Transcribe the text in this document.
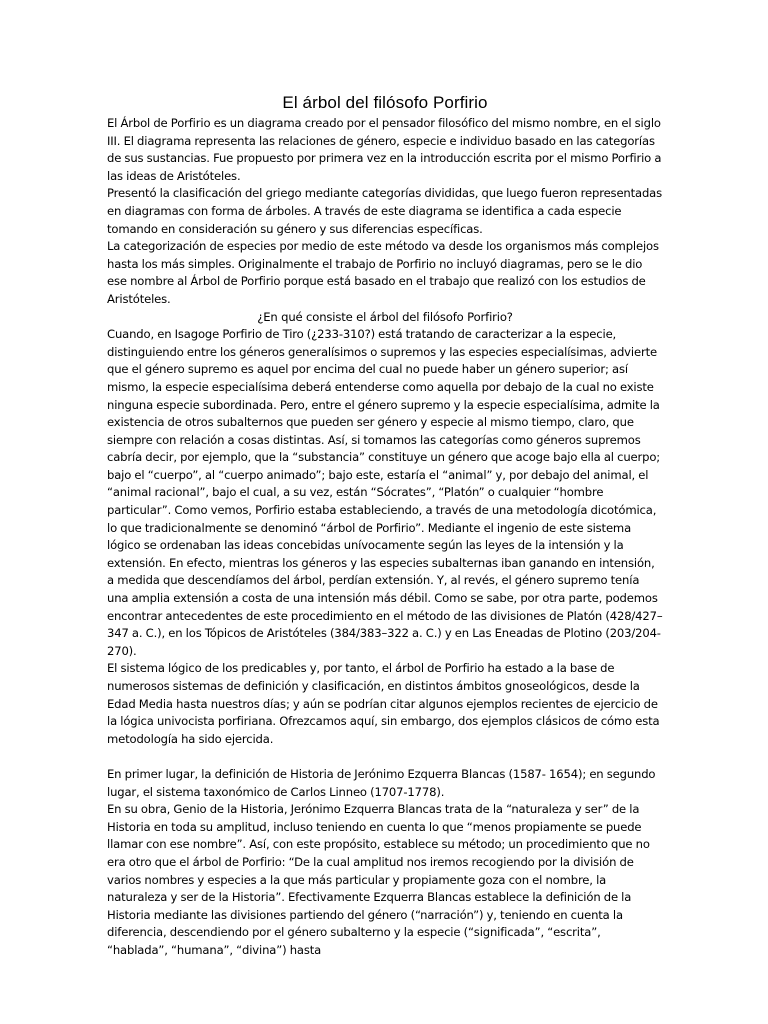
El árbol del filósofo Porfirio

El Árbol de Porfirio es un diagrama creado por el pensador filosófico del mismo nombre, en el siglo III. El diagrama representa las relaciones de género, especie e individuo basado en las categorías de sus sustancias. Fue propuesto por primera vez en la introducción escrita por el mismo Porfirio a las ideas de Aristóteles.

Presentó la clasificación del griego mediante categorías divididas, que luego fueron representadas en diagramas con forma de árboles. A través de este diagrama se identifica a cada especie tomando en consideración su género y sus diferencias específicas.

La categorización de especies por medio de este método va desde los organismos más complejos hasta los más simples. Originalmente el trabajo de Porfirio no incluyó diagramas, pero se le dio ese nombre al Árbol de Porfirio porque está basado en el trabajo que realizó con los estudios de Aristóteles.

¿En qué consiste el árbol del filósofo Porfirio?

Cuando, en Isagoge Porfirio de Tiro (¿233-310?) está tratando de caracterizar a la especie, distinguiendo entre los géneros generalísimos o supremos y las especies especialísimas, advierte que el género supremo es aquel por encima del cual no puede haber un género superior; así mismo, la especie especialísima deberá entenderse como aquella por debajo de la cual no existe ninguna especie subordinada. Pero, entre el género supremo y la especie especialísima, admite la existencia de otros subalternos que pueden ser género y especie al mismo tiempo, claro, que siempre con relación a cosas distintas. Así, si tomamos las categorías como géneros supremos cabría decir, por ejemplo, que la “substancia” constituye un género que acoge bajo ella al cuerpo; bajo el “cuerpo”, al “cuerpo animado”; bajo este, estaría el “animal” y, por debajo del animal, el “animal racional”, bajo el cual, a su vez, están “Sócrates”, “Platón” o cualquier “hombre particular”. Como vemos, Porfirio estaba estableciendo, a través de una metodología dicotómica, lo que tradicionalmente se denominó “árbol de Porfirio”. Mediante el ingenio de este sistema lógico se ordenaban las ideas concebidas unívocamente según las leyes de la intensión y la extensión. En efecto, mientras los géneros y las especies subalternas iban ganando en intensión, a medida que descendíamos del árbol, perdían extensión. Y, al revés, el género supremo tenía una amplia extensión a costa de una intensión más débil. Como se sabe, por otra parte, podemos encontrar antecedentes de este procedimiento en el método de las divisiones de Platón (428/427–347 a. C.), en los Tópicos de Aristóteles (384/383–322 a. C.) y en Las Eneadas de Plotino (203/204-270).

El sistema lógico de los predicables y, por tanto, el árbol de Porfirio ha estado a la base de numerosos sistemas de definición y clasificación, en distintos ámbitos gnoseológicos, desde la Edad Media hasta nuestros días; y aún se podrían citar algunos ejemplos recientes de ejercicio de la lógica univocista porfiriana. Ofrezcamos aquí, sin embargo, dos ejemplos clásicos de cómo esta metodología ha sido ejercida.

En primer lugar, la definición de Historia de Jerónimo Ezquerra Blancas (1587- 1654); en segundo lugar, el sistema taxonómico de Carlos Linneo (1707-1778).

En su obra, Genio de la Historia, Jerónimo Ezquerra Blancas trata de la “naturaleza y ser” de la Historia en toda su amplitud, incluso teniendo en cuenta lo que “menos propiamente se puede llamar con ese nombre”. Así, con este propósito, establece su método; un procedimiento que no era otro que el árbol de Porfirio: “De la cual amplitud nos iremos recogiendo por la división de varios nombres y especies a la que más particular y propiamente goza con el nombre, la naturaleza y ser de la Historia”. Efectivamente Ezquerra Blancas establece la definición de la Historia mediante las divisiones partiendo del género (“narración”) y, teniendo en cuenta la diferencia, descendiendo por el género subalterno y la especie (“significada”, “escrita”, “hablada”, “humana”, “divina”) hasta
